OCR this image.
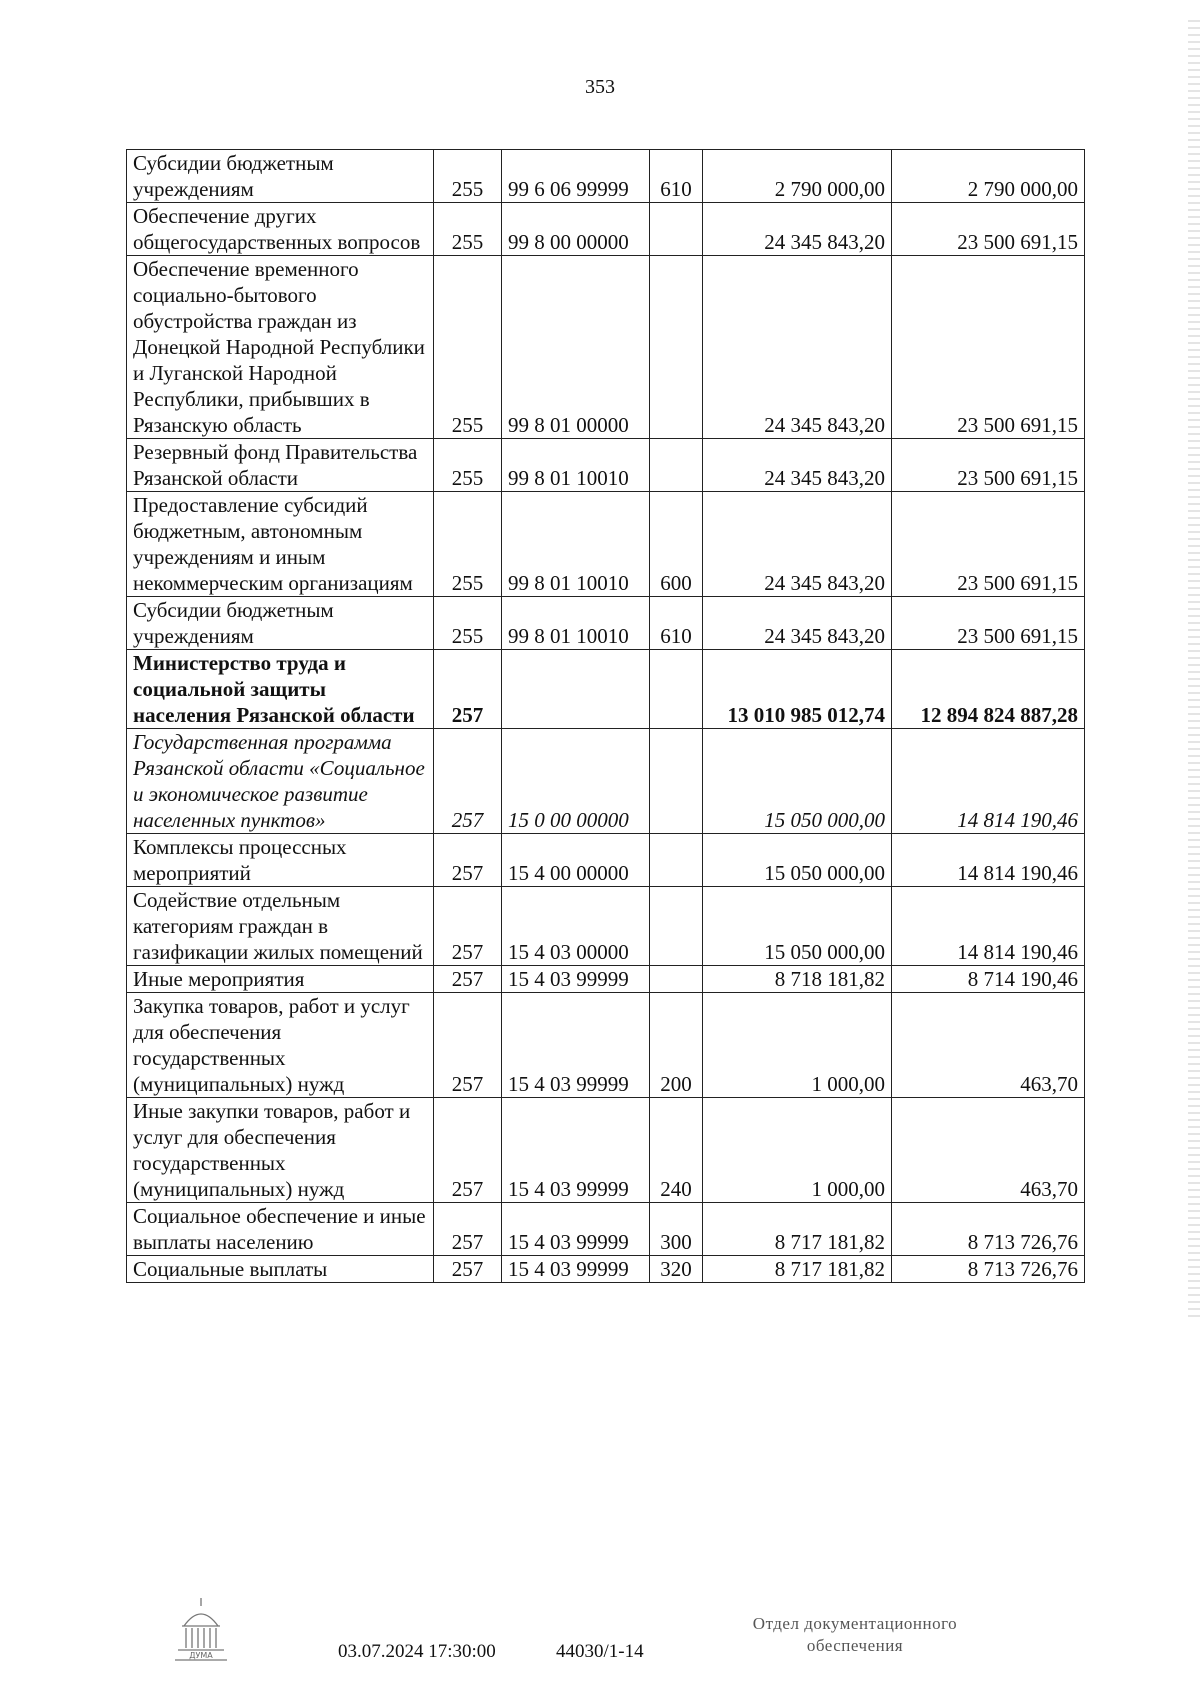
353
Субсидии бюджетным учреждениям	255	99 6 06 99999	610	2 790 000,00	2 790 000,00
Обеспечение других общегосударственных вопросов	255	99 8 00 00000		24 345 843,20	23 500 691,15
Обеспечение временного социально-бытового обустройства граждан из Донецкой Народной Республики и Луганской Народной Республики, прибывших в Рязанскую область	255	99 8 01 00000		24 345 843,20	23 500 691,15
Резервный фонд Правительства Рязанской области	255	99 8 01 10010		24 345 843,20	23 500 691,15
Предоставление субсидий бюджетным, автономным учреждениям и иным некоммерческим организациям	255	99 8 01 10010	600	24 345 843,20	23 500 691,15
Субсидии бюджетным учреждениям	255	99 8 01 10010	610	24 345 843,20	23 500 691,15
Министерство труда и социальной защиты населения Рязанской области	257			13 010 985 012,74	12 894 824 887,28
Государственная программа Рязанской области «Социальное и экономическое развитие населенных пунктов»	257	15 0 00 00000		15 050 000,00	14 814 190,46
Комплексы процессных мероприятий	257	15 4 00 00000		15 050 000,00	14 814 190,46
Содействие отдельным категориям граждан в газификации жилых помещений	257	15 4 03 00000		15 050 000,00	14 814 190,46
Иные мероприятия	257	15 4 03 99999		8 718 181,82	8 714 190,46
Закупка товаров, работ и услуг для обеспечения государственных (муниципальных) нужд	257	15 4 03 99999	200	1 000,00	463,70
Иные закупки товаров, работ и услуг для обеспечения государственных (муниципальных) нужд	257	15 4 03 99999	240	1 000,00	463,70
Социальное обеспечение и иные выплаты населению	257	15 4 03 99999	300	8 717 181,82	8 713 726,76
Социальные выплаты	257	15 4 03 99999	320	8 717 181,82	8 713 726,76
ДУМА	03.07.2024 17:30:00	44030/1-14
Отдел документационного
обеспечения
